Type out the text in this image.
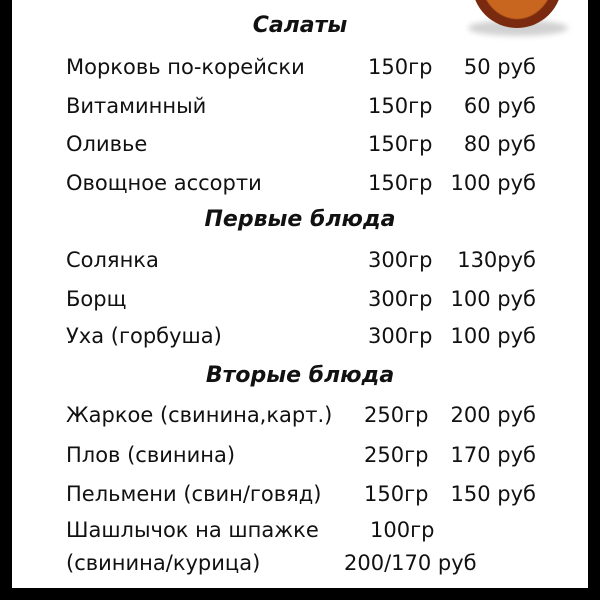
Салаты
Морковь по-корейски	150гр 50 руб
Витаминный	150гр 60 руб
Оливье	150гр 80 руб
Овощное ассорти	150гр 100 руб
Первые блюда
Солянка	300гр 130руб
Борщ	300гр 100 руб
Уха (горбуша)	300гр 100 руб
Вторые блюда
Жаркое (свинина,карт.) 250гр 200 руб
Плов (свинина)	250гр 170 руб
Пельмени (свин/говяд) 150гр 150 руб
Шашлычок на шпажке 100гр
(свинина/курица)	200/170 руб
